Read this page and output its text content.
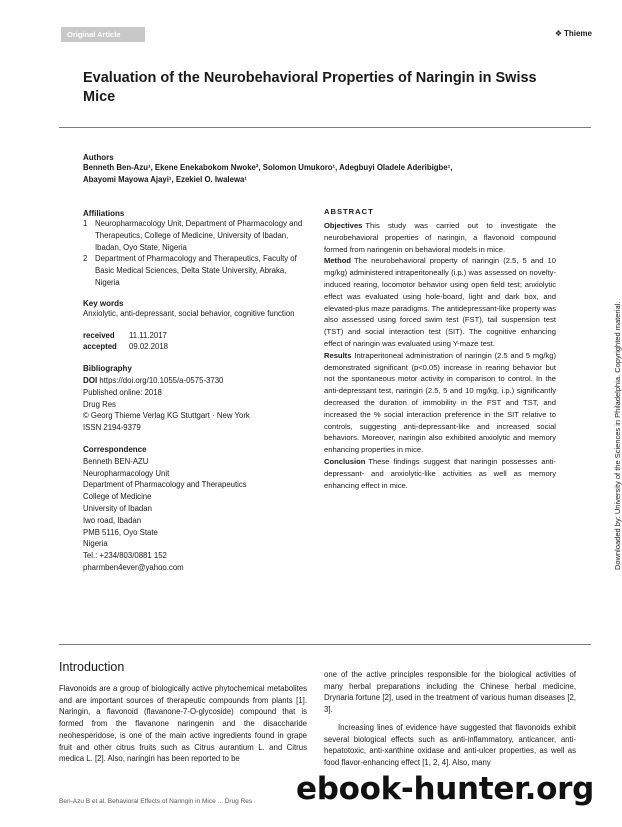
Original Article	❖ Thieme
Evaluation of the Neurobehavioral Properties of Naringin in Swiss Mice
Authors
Benneth Ben-Azu¹, Ekene Enekabokom Nwoke², Solomon Umukoro¹, Adegbuyi Oladele Aderibigbe¹,
Abayomi Mayowa Ajayi¹, Ezekiel O. Iwalewa¹
Affiliations
1 Neuropharmacology Unit, Department of Pharmacology and Therapeutics, College of Medicine, University of Ibadan, Ibadan, Oyo State, Nigeria
2 Department of Pharmacology and Therapeutics, Faculty of Basic Medical Sciences, Delta State University, Abraka, Nigeria
Key words
Anxiolytic, anti-depressant, social behavior, cognitive function
received	11.11.2017
accepted	09.02.2018
Bibliography
DOI https://doi.org/10.1055/a-0575-3730
Published online: 2018
Drug Res
© Georg Thieme Verlag KG Stuttgart · New York
ISSN 2194-9379
Correspondence
Benneth BEN-AZU
Neuropharmacology Unit
Department of Pharmacology and Therapeutics
College of Medicine
University of Ibadan
Iwo road, Ibadan
PMB 5116, Oyo State
Nigeria
Tel.: +234/803/0881 152
pharmben4ever@yahoo.com
ABSTRACT

Objectives This study was carried out to investigate the neurobehavioral properties of naringin, a flavonoid compound formed from naringenin on behavioral models in mice.

Method The neurobehavioral property of naringin (2.5, 5 and 10 mg/kg) administered intraperitoneally (i.p.) was assessed on novelty-induced rearing, locomotor behavior using open field test; anxiolytic effect was evaluated using hole-board, light and dark box, and elevated-plus maze paradigms. The antidepressant-like property was also assessed using forced swim test (FST), tail suspension test (TST) and social interaction test (SIT). The cognitive enhancing effect of naringin was evaluated using Y-maze test.

Results Intraperitoneal administration of naringin (2.5 and 5 mg/kg) demonstrated significant (p<0.05) increase in rearing behavior but not the spontaneous motor activity in comparison to control. In the anti-depressant test, naringin (2.5, 5 and 10 mg/kg, i.p.) significantly decreased the duration of immobility in the FST and TST, and increased the % social interaction preference in the SIT relative to controls, suggesting anti-depressant-like and increased social behaviors. Moreover, naringin also exhibited anxiolytic and memory enhancing properties in mice.

Conclusion These findings suggest that naringin possesses anti-depressant- and anxiolytic-like activities as well as memory enhancing effect in mice.	Downloaded by: University of the Sciences in Philadelphia. Copyrighted material.
Introduction

Flavonoids are a group of biologically active phytochemical metabolites and are important sources of therapeutic compounds from plants [1]. Naringin, a flavonoid (flavanone-7-O-glycoside) compound that is formed from the flavanone naringenin and the disaccharide neohesperidose, is one of the main active ingredients found in grape fruit and other citrus fruits such as Citrus aurantium L. and Citrus medica L. [2]. Also, naringin has been reported to be

one of the active principles responsible for the biological activities of many herbal preparations including the Chinese herbal medicine, Drynaria fortune [2], used in the treatment of various human diseases [2, 3].

Increasing lines of evidence have suggested that flavonoids exhibit several biological effects such as anti-inflammatory, anticancer, anti-hepatotoxic, anti-xanthine oxidase and anti-ulcer properties, as well as food flavor-enhancing effect [1, 2, 4]. Also, many

Ben-Azu B et al. Behavioral Effects of Naringin in Mice ... Drug Res ebook-hunter.org
